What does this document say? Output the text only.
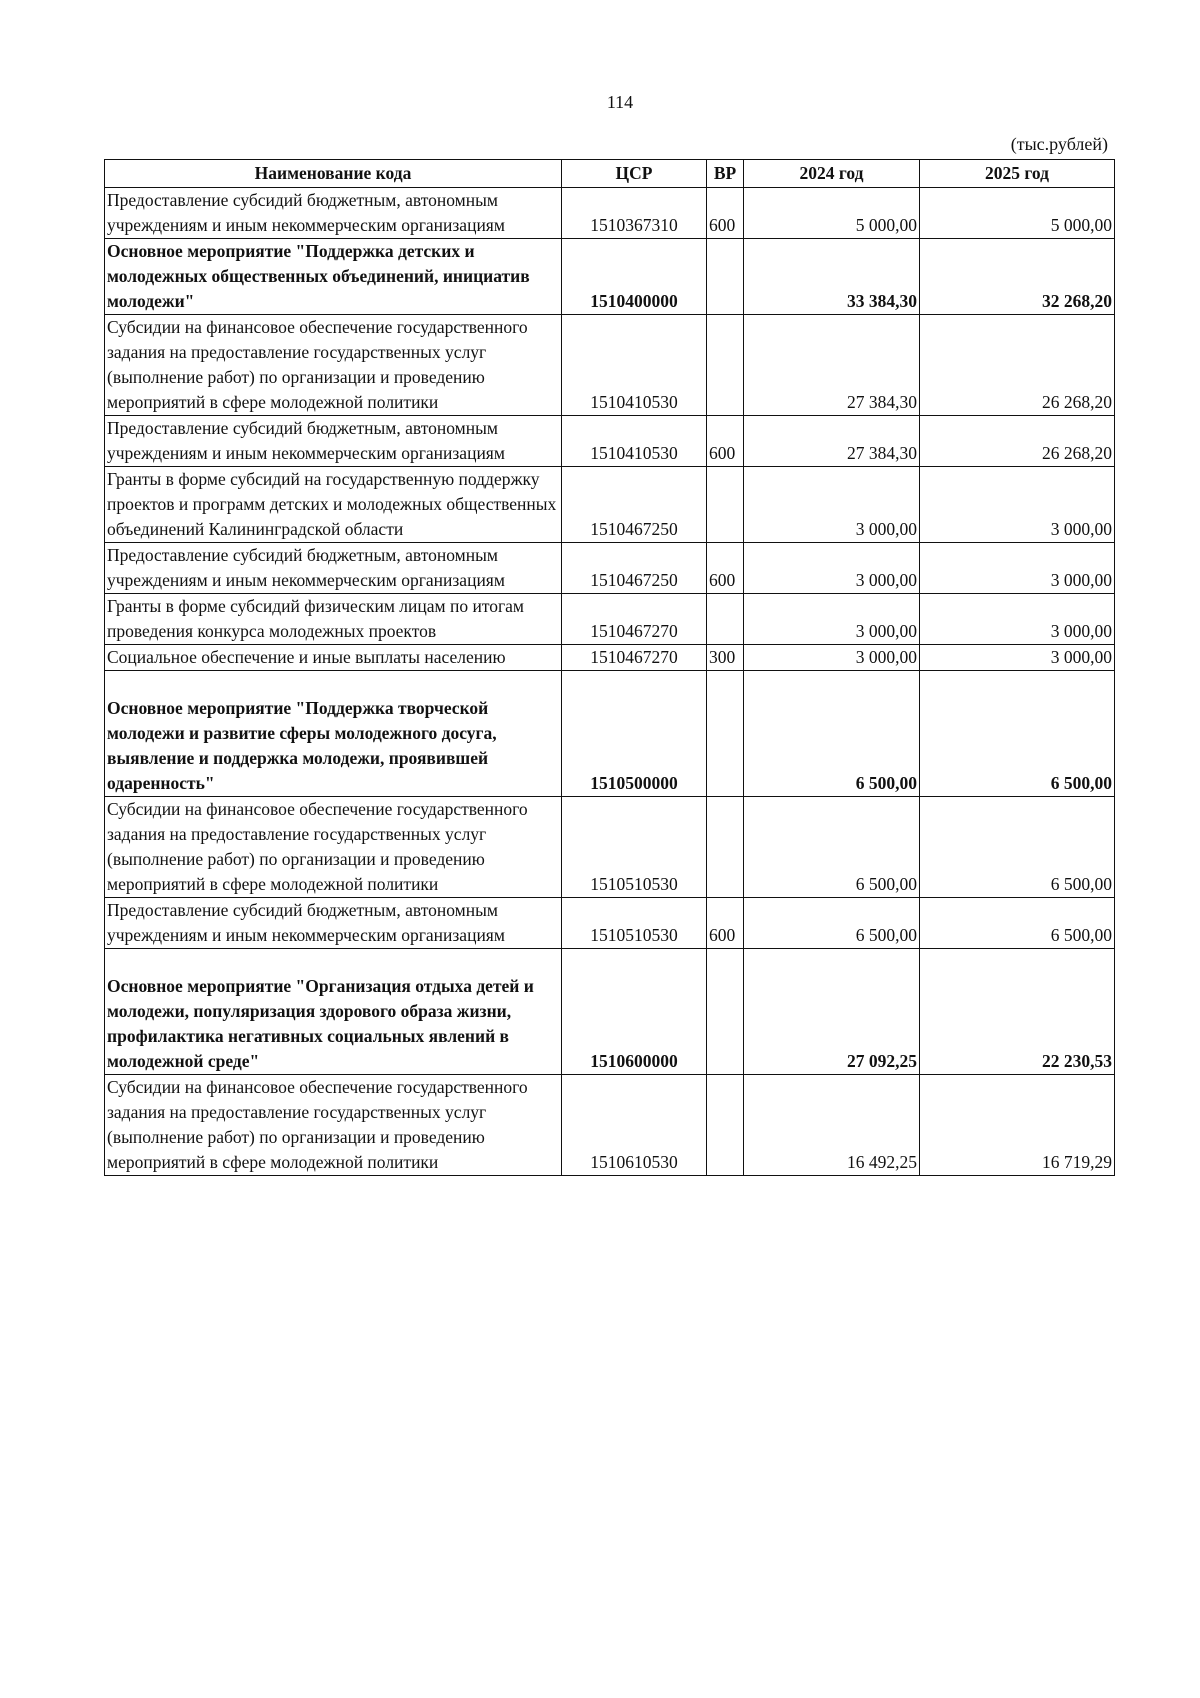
114
(тыс.рублей)
Наименование кода	ЦСР	ВР	2024 год	2025 год
Предоставление субсидий бюджетным, автономным учреждениям и иным некоммерческим организациям	1510367310	600	5 000,00	5 000,00
Основное мероприятие "Поддержка детских и молодежных общественных объединений, инициатив молодежи"	1510400000		33 384,30	32 268,20
Субсидии на финансовое обеспечение государственного задания на предоставление государственных услуг (выполнение работ) по организации и проведению мероприятий в сфере молодежной политики	1510410530		27 384,30	26 268,20
Предоставление субсидий бюджетным, автономным учреждениям и иным некоммерческим организациям	1510410530	600	27 384,30	26 268,20
Гранты в форме субсидий на государственную поддержку проектов и программ детских и молодежных общественных объединений Калининградской области	1510467250		3 000,00	3 000,00
Предоставление субсидий бюджетным, автономным учреждениям и иным некоммерческим организациям	1510467250	600	3 000,00	3 000,00
Гранты в форме субсидий физическим лицам по итогам проведения конкурса молодежных проектов	1510467270		3 000,00	3 000,00
Социальное обеспечение и иные выплаты населению	1510467270	300	3 000,00	3 000,00
Основное мероприятие "Поддержка творческой молодежи и развитие сферы молодежного досуга, выявление и поддержка молодежи, проявившей одаренность"	1510500000		6 500,00	6 500,00
Субсидии на финансовое обеспечение государственного задания на предоставление государственных услуг (выполнение работ) по организации и проведению мероприятий в сфере молодежной политики	1510510530		6 500,00	6 500,00
Предоставление субсидий бюджетным, автономным учреждениям и иным некоммерческим организациям	1510510530	600	6 500,00	6 500,00
Основное мероприятие "Организация отдыха детей и молодежи, популяризация здорового образа жизни, профилактика негативных социальных явлений в молодежной среде"	1510600000		27 092,25	22 230,53
Субсидии на финансовое обеспечение государственного задания на предоставление государственных услуг (выполнение работ) по организации и проведению мероприятий в сфере молодежной политики	1510610530		16 492,25	16 719,29
